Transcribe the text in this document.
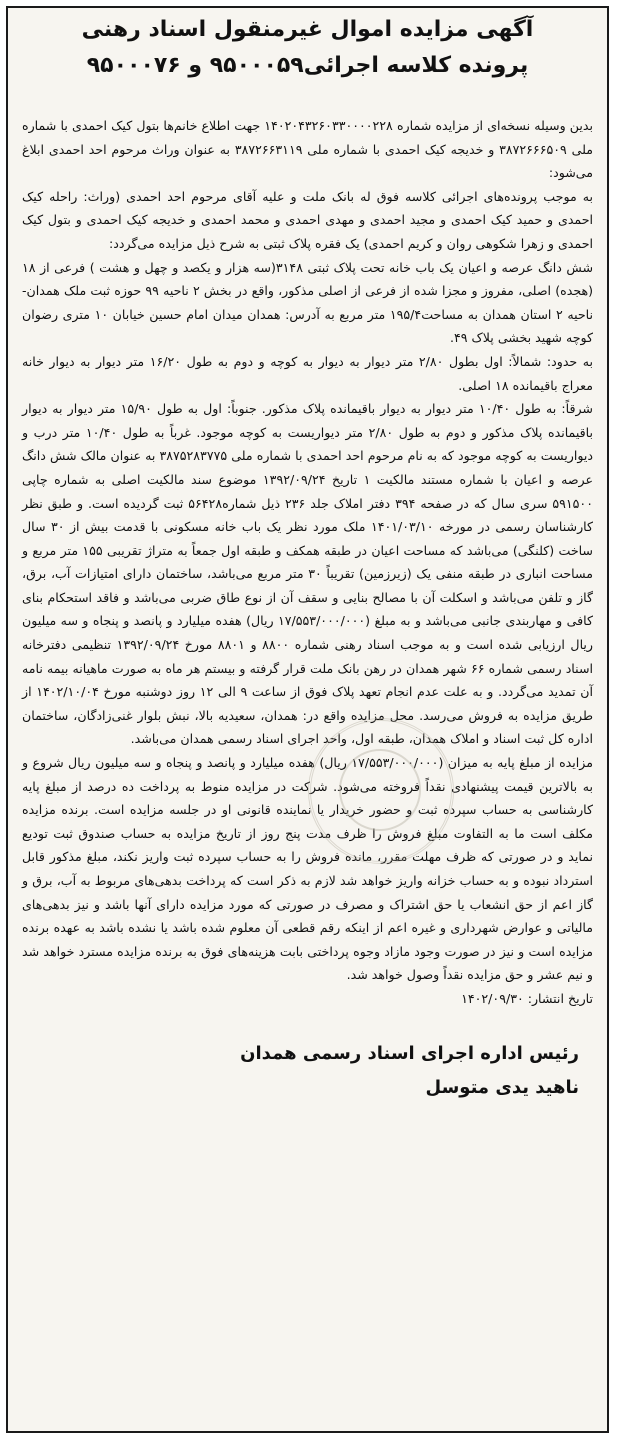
آگهی مزایده اموال غیرمنقول اسناد رهنی
پرونده کلاسه اجرائی۹۵۰۰۰۵۹ و ۹۵۰۰۰۷۶

بدین وسیله نسخه‌ای از مزایده شماره ۱۴۰۲۰۴۳۲۶۰۳۳۰۰۰۰۲۲۸ جهت اطلاع خانم‌ها بتول کیک احمدی با شماره ملی ۳۸۷۲۶۶۶۵۰۹ و خدیجه کیک احمدی با شماره ملی ۳۸۷۲۶۶۳۱۱۹ به عنوان وراث مرحوم احد احمدی ابلاغ می‌شود:

به موجب پرونده‌های اجرائی کلاسه فوق له بانک ملت و علیه آقای مرحوم احد احمدی (وراث: راحله کیک احمدی و حمید کیک احمدی و مجید احمدی و مهدی احمدی و محمد احمدی و خدیجه کیک احمدی و بتول کیک احمدی و زهرا شکوهی روان و کریم احمدی) یک فقره پلاک ثبتی به شرح ذیل مزایده می‌گردد:

شش دانگ عرصه و اعیان یک باب خانه تحت پلاک ثبتی ۳۱۴۸(سه هزار و یکصد و چهل و هشت ) فرعی از ۱۸ (هجده) اصلی، مفروز و مجزا شده از فرعی از اصلی مذکور، واقع در بخش ۲ ناحیه ۹۹ حوزه ثبت ملک همدان- ناحیه ۲ استان همدان به مساحت۱۹۵/۴ متر مربع به آدرس: همدان میدان امام حسین خیابان ۱۰ متری رضوان کوچه شهید بخشی پلاک ۴۹.

به حدود: شمالاً: اول بطول ۲/۸۰ متر دیوار به دیوار به کوچه و دوم به طول ۱۶/۲۰ متر دیوار به دیوار خانه معراج باقیمانده ۱۸ اصلی.

شرقاً: به طول ۱۰/۴۰ متر دیوار به دیوار باقیمانده پلاک مذکور. جنوباً: اول به طول ۱۵/۹۰ متر دیوار به دیوار باقیمانده پلاک مذکور و دوم به طول ۲/۸۰ متر دیواریست به کوچه موجود. غرباً به طول ۱۰/۴۰ متر درب و دیواریست به کوچه موجود که به نام مرحوم احد احمدی با شماره ملی ۳۸۷۵۲۸۳۷۷۵ به عنوان مالک شش دانگ عرصه و اعیان با شماره مستند مالکیت ۱ تاریخ ۱۳۹۲/۰۹/۲۴ موضوع سند مالکیت اصلی به شماره چاپی ۵۹۱۵۰۰ سری سال که در صفحه ۳۹۴ دفتر املاک جلد ۲۳۶ ذیل شماره۵۶۴۲۸ ثبت گردیده است. و طبق نظر کارشناسان رسمی در مورخه ۱۴۰۱/۰۳/۱۰ ملک مورد نظر یک باب خانه مسکونی با قدمت بیش از ۳۰ سال ساخت (کلنگی) می‌باشد که مساحت اعیان در طبقه همکف و طبقه اول جمعاً به متراژ تقریبی ۱۵۵ متر مربع و مساحت انباری در طبقه منفی یک (زیرزمین) تقریباً ۳۰ متر مربع می‌باشد، ساختمان دارای امتیازات آب، برق، گاز و تلفن می‌باشد و اسکلت آن با مصالح بنایی و سقف آن از نوع طاق ضربی می‌باشد و فاقد استحکام بنای کافی و مهاربندی جانبی می‌باشد و به مبلغ (۱۷/۵۵۳/۰۰۰/۰۰۰ ریال) هفده میلیارد و پانصد و پنجاه و سه میلیون ریال ارزیابی شده است و به موجب اسناد رهنی شماره ۸۸۰۰ و ۸۸۰۱ مورخ ۱۳۹۲/۰۹/۲۴ تنظیمی دفترخانه اسناد رسمی شماره ۶۶ شهر همدان در رهن بانک ملت قرار گرفته و بیستم هر ماه به صورت ماهیانه بیمه نامه آن تمدید می‌گردد. و به علت عدم انجام تعهد پلاک فوق از ساعت ۹ الی ۱۲ روز دوشنبه مورخ ۱۴۰۲/۱۰/۰۴ از طریق مزایده به فروش می‌رسد. محل مزایده واقع در: همدان، سعیدیه بالا، نبش بلوار غنی‌زادگان، ساختمان اداره کل ثبت اسناد و املاک همدان، طبقه اول، واحد اجرای اسناد رسمی همدان می‌باشد.

مزایده از مبلغ پایه به میزان (۱۷/۵۵۳/۰۰۰/۰۰۰ ریال) هفده میلیارد و پانصد و پنجاه و سه میلیون ریال شروع و به بالاترین قیمت پیشنهادی نقداً فروخته می‌شود. شرکت در مزایده منوط به پرداخت ده درصد از مبلغ پایه کارشناسی به حساب سپرده ثبت و حضور خریدار یا نماینده قانونی او در جلسه مزایده است. برنده مزایده مکلف است ما به التفاوت مبلغ فروش را ظرف مدت پنج روز از تاریخ مزایده به حساب صندوق ثبت تودیع نماید و در صورتی که ظرف مهلت مقرر، مانده فروش را به حساب سپرده ثبت واریز نکند، مبلغ مذکور قابل استرداد نبوده و به حساب خزانه واریز خواهد شد لازم به ذکر است که پرداخت بدهی‌های مربوط به آب، برق و گاز اعم از حق انشعاب یا حق اشتراک و مصرف در صورتی که مورد مزایده دارای آنها باشد و نیز بدهی‌های مالیاتی و عوارض شهرداری و غیره اعم از اینکه رقم قطعی آن معلوم شده باشد یا نشده باشد به عهده برنده مزایده است و نیز در صورت وجود مازاد وجوه پرداختی بابت هزینه‌های فوق به برنده مزایده مسترد خواهد شد و نیم عشر و حق مزایده نقداً وصول خواهد شد.

تاریخ انتشار: ۱۴۰۲/۰۹/۳۰
رئیس اداره اجرای اسناد رسمی همدان
ناهید یدی متوسل
